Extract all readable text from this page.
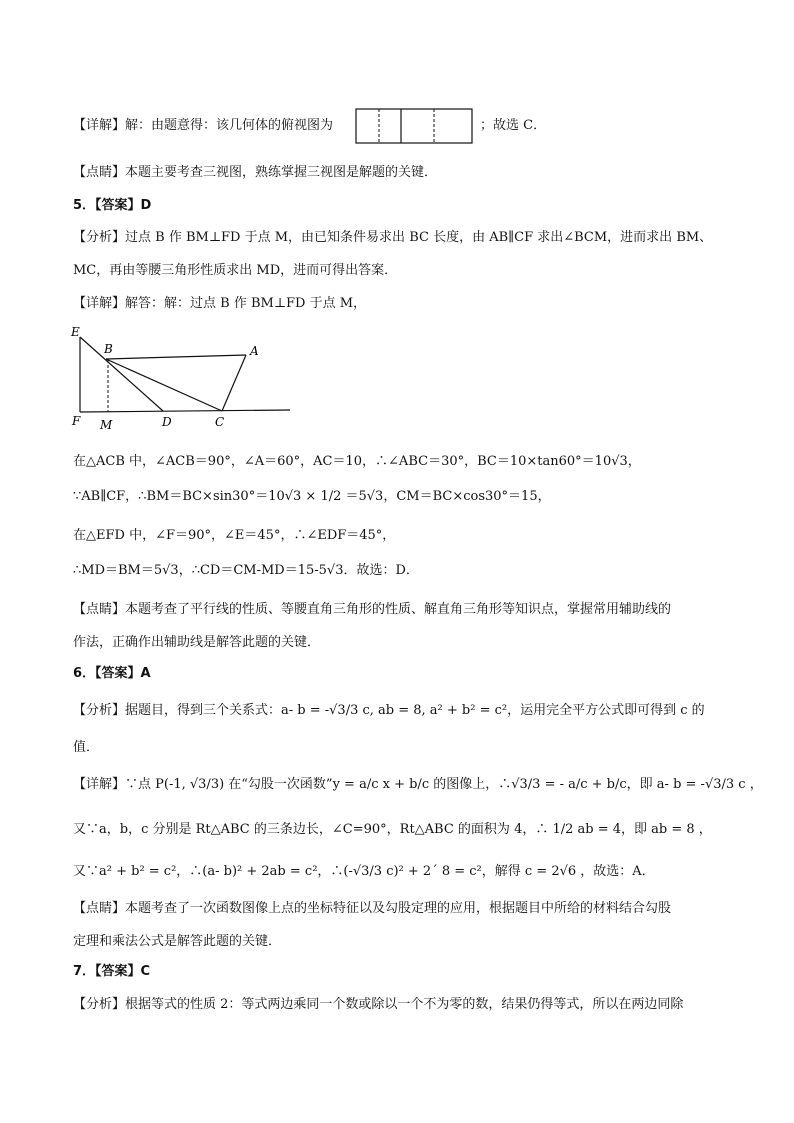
【详解】解：由题意得：该几何体的俯视图为	；故选 C．
【点睛】本题主要考查三视图，熟练掌握三视图是解题的关键．
5．【答案】D
【分析】过点 B 作 BM⊥FD 于点 M，由已知条件易求出 BC 长度，由 AB∥CF 求出∠BCM，进而求出 BM、
MC，再由等腰三角形性质求出 MD，进而可得出答案．
【详解】解答：解：过点 B 作 BM⊥FD 于点 M，
E
B	A
F M	D	C
在△ACB 中，∠ACB＝90°，∠A＝60°，AC＝10，∴∠ABC＝30°，BC＝10×tan60°＝10√3，
∵AB∥CF，∴BM＝BC×sin30°＝10√3 × 1/2 ＝5√3，CM＝BC×cos30°＝15，
在△EFD 中，∠F＝90°，∠E＝45°，∴∠EDF＝45°，
∴MD＝BM＝5√3，∴CD＝CM-MD＝15-5√3．故选：D．
【点睛】本题考查了平行线的性质、等腰直角三角形的性质、解直角三角形等知识点，掌握常用辅助线的
作法，正确作出辅助线是解答此题的关键．
6．【答案】A
【分析】据题目，得到三个关系式：a- b = -√3/3 c, ab = 8, a² + b² = c²，运用完全平方公式即可得到 c 的
值．
【详解】∵点 P(-1, √3/3) 在“勾股一次函数”y = a/c x + b/c 的图像上，∴√3/3 = - a/c + b/c，即 a- b = -√3/3 c ，
又∵a，b，c 分别是 Rt△ABC 的三条边长，∠C=90°，Rt△ABC 的面积为 4，∴ 1/2 ab = 4，即 ab = 8 ，
又∵a² + b² = c²，∴(a- b)² + 2ab = c²，∴(-√3/3 c)² + 2´ 8 = c²，解得 c = 2√6 ，故选：A．
【点睛】本题考查了一次函数图像上点的坐标特征以及勾股定理的应用，根据题目中所给的材料结合勾股
定理和乘法公式是解答此题的关键．
7．【答案】C
【分析】根据等式的性质 2：等式两边乘同一个数或除以一个不为零的数，结果仍得等式，所以在两边同除
